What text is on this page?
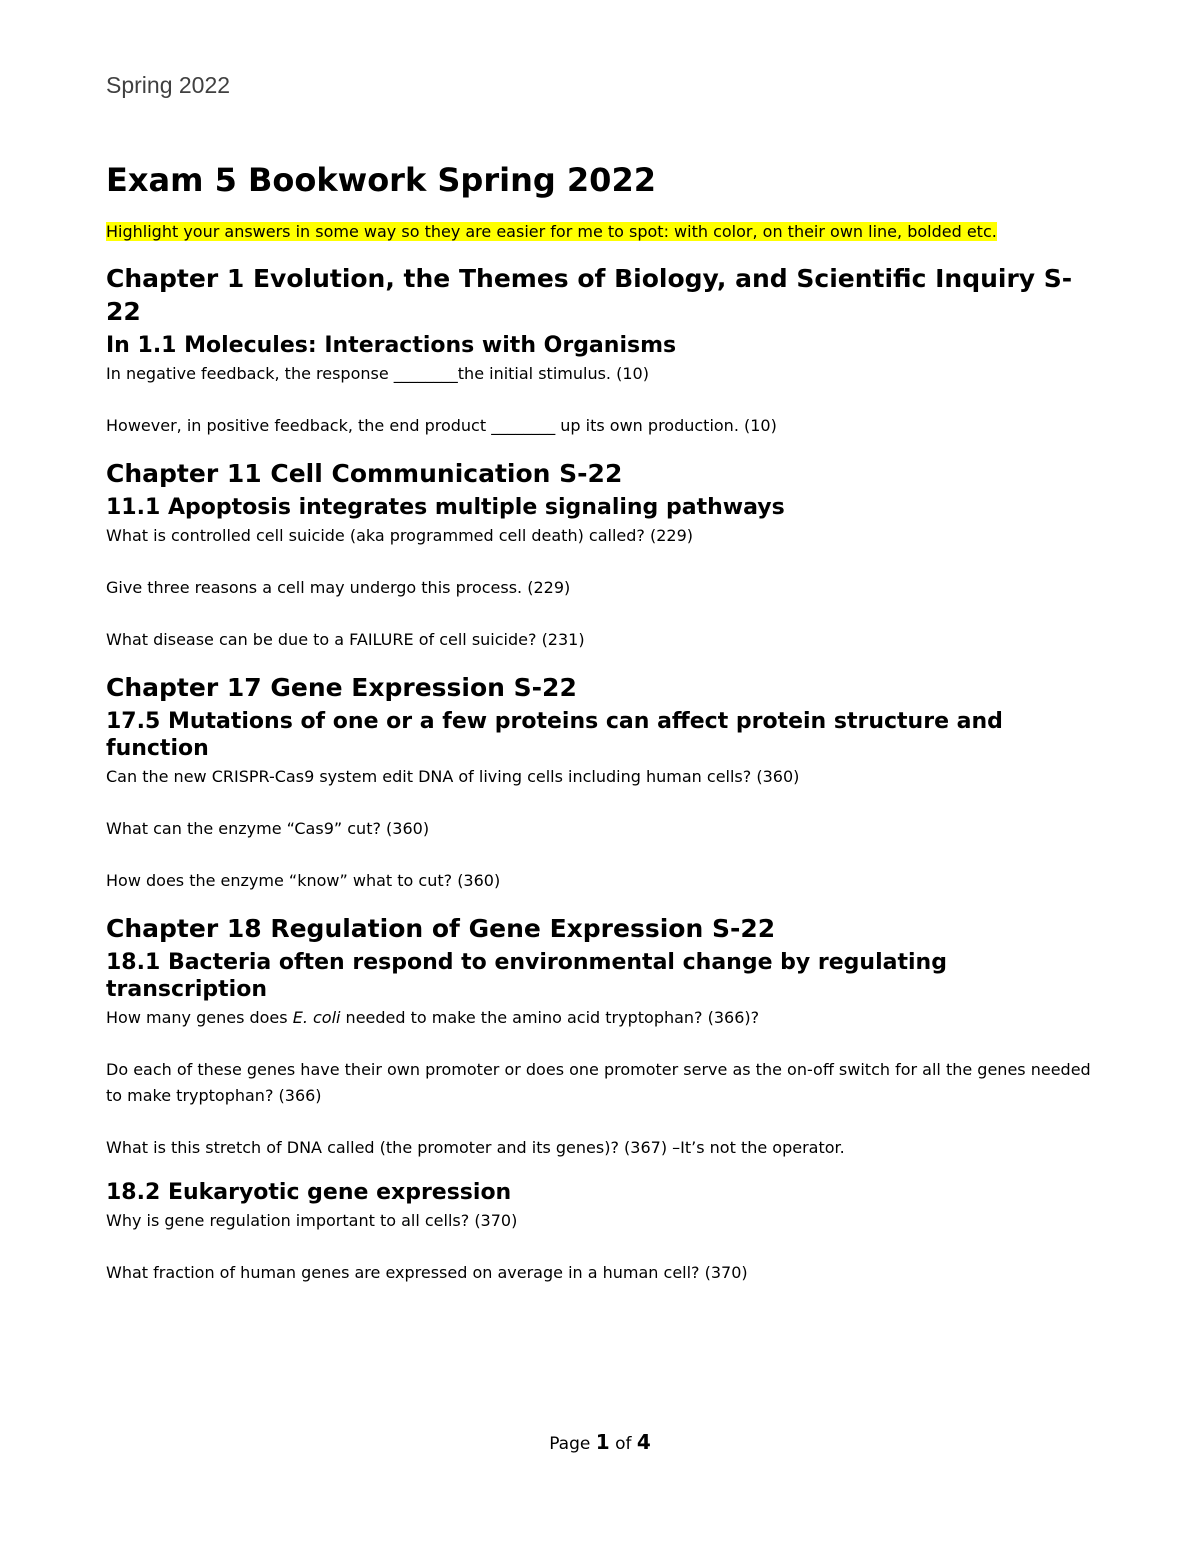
Spring 2022
Exam 5 Bookwork Spring 2022
Highlight your answers in some way so they are easier for me to spot: with color, on their own line, bolded etc.
Chapter 1 Evolution, the Themes of Biology, and Scientific Inquiry S-22
In 1.1 Molecules: Interactions with Organisms
In negative feedback, the response ________the initial stimulus. (10)
However, in positive feedback, the end product ________ up its own production. (10)
Chapter 11 Cell Communication S-22
11.1 Apoptosis integrates multiple signaling pathways
What is controlled cell suicide (aka programmed cell death) called? (229)
Give three reasons a cell may undergo this process. (229)
What disease can be due to a FAILURE of cell suicide? (231)
Chapter 17 Gene Expression S-22
17.5 Mutations of one or a few proteins can affect protein structure and function
Can the new CRISPR-Cas9 system edit DNA of living cells including human cells? (360)
What can the enzyme “Cas9” cut? (360)
How does the enzyme “know” what to cut? (360)
Chapter 18 Regulation of Gene Expression S-22
18.1 Bacteria often respond to environmental change by regulating transcription
How many genes does E. coli needed to make the amino acid tryptophan? (366)?
Do each of these genes have their own promoter or does one promoter serve as the on-off switch for all the genes needed to make tryptophan? (366)
What is this stretch of DNA called (the promoter and its genes)? (367) –It’s not the operator.
18.2 Eukaryotic gene expression
Why is gene regulation important to all cells? (370)
What fraction of human genes are expressed on average in a human cell? (370)
Page 1 of 4
